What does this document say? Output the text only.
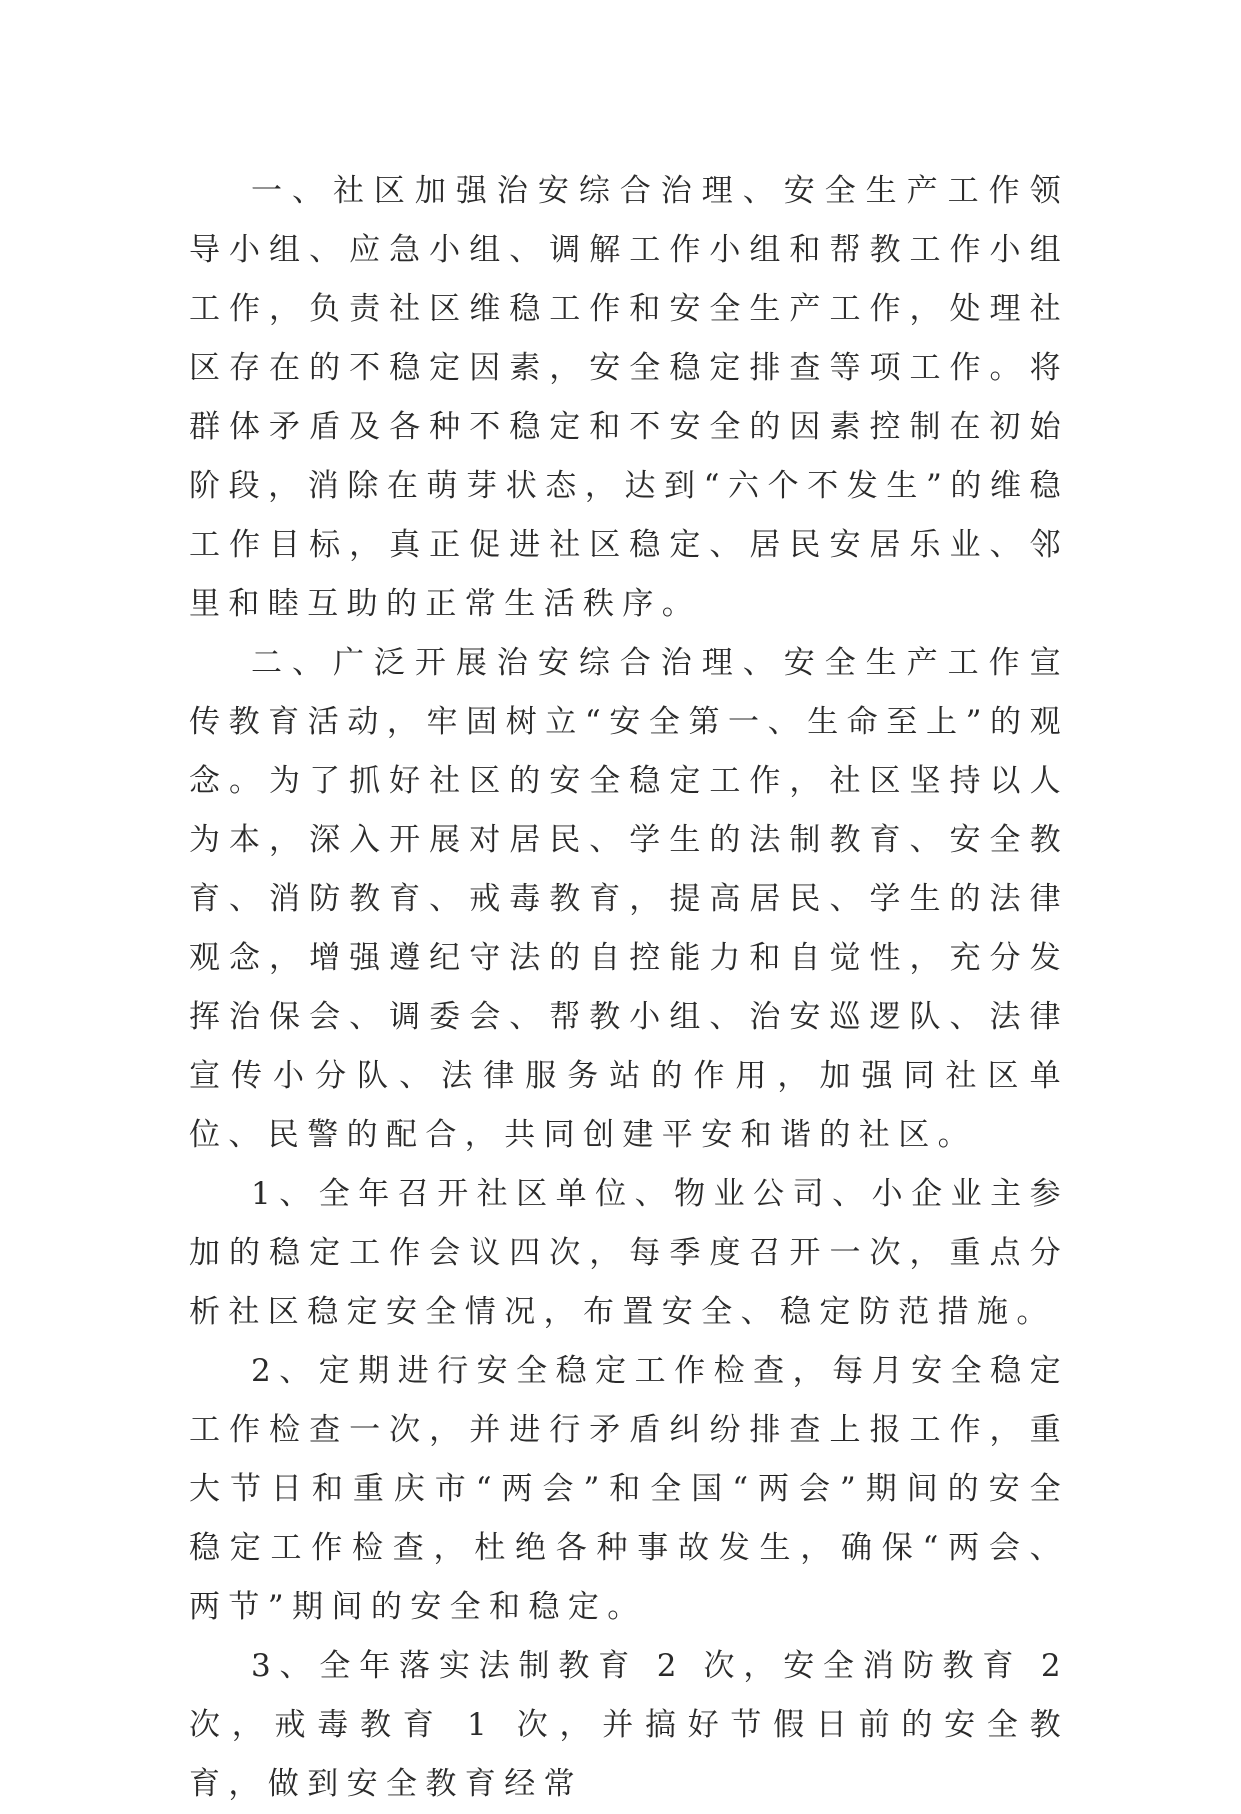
一、社区加强治安综合治理、安全生产工作领导小组、应急小组、调解工作小组和帮教工作小组工作，负责社区维稳工作和安全生产工作，处理社区存在的不稳定因素，安全稳定排查等项工作。将群体矛盾及各种不稳定和不安全的因素控制在初始阶段，消除在萌芽状态，达到“六个不发生”的维稳工作目标，真正促进社区稳定、居民安居乐业、邻里和睦互助的正常生活秩序。

二、广泛开展治安综合治理、安全生产工作宣传教育活动，牢固树立“安全第一、生命至上”的观念。为了抓好社区的安全稳定工作，社区坚持以人为本，深入开展对居民、学生的法制教育、安全教育、消防教育、戒毒教育，提高居民、学生的法律观念，增强遵纪守法的自控能力和自觉性，充分发挥治保会、调委会、帮教小组、治安巡逻队、法律宣传小分队、法律服务站的作用，加强同社区单位、民警的配合，共同创建平安和谐的社区。

1、全年召开社区单位、物业公司、小企业主参加的稳定工作会议四次，每季度召开一次，重点分析社区稳定安全情况，布置安全、稳定防范措施。

2、定期进行安全稳定工作检查，每月安全稳定工作检查一次，并进行矛盾纠纷排查上报工作，重大节日和重庆市“两会”和全国“两会”期间的安全稳定工作检查，杜绝各种事故发生，确保“两会、两节”期间的安全和稳定。

3、全年落实法制教育 2 次，安全消防教育 2 次，戒毒教育 1 次，并搞好节假日前的安全教育，做到安全教育经常
